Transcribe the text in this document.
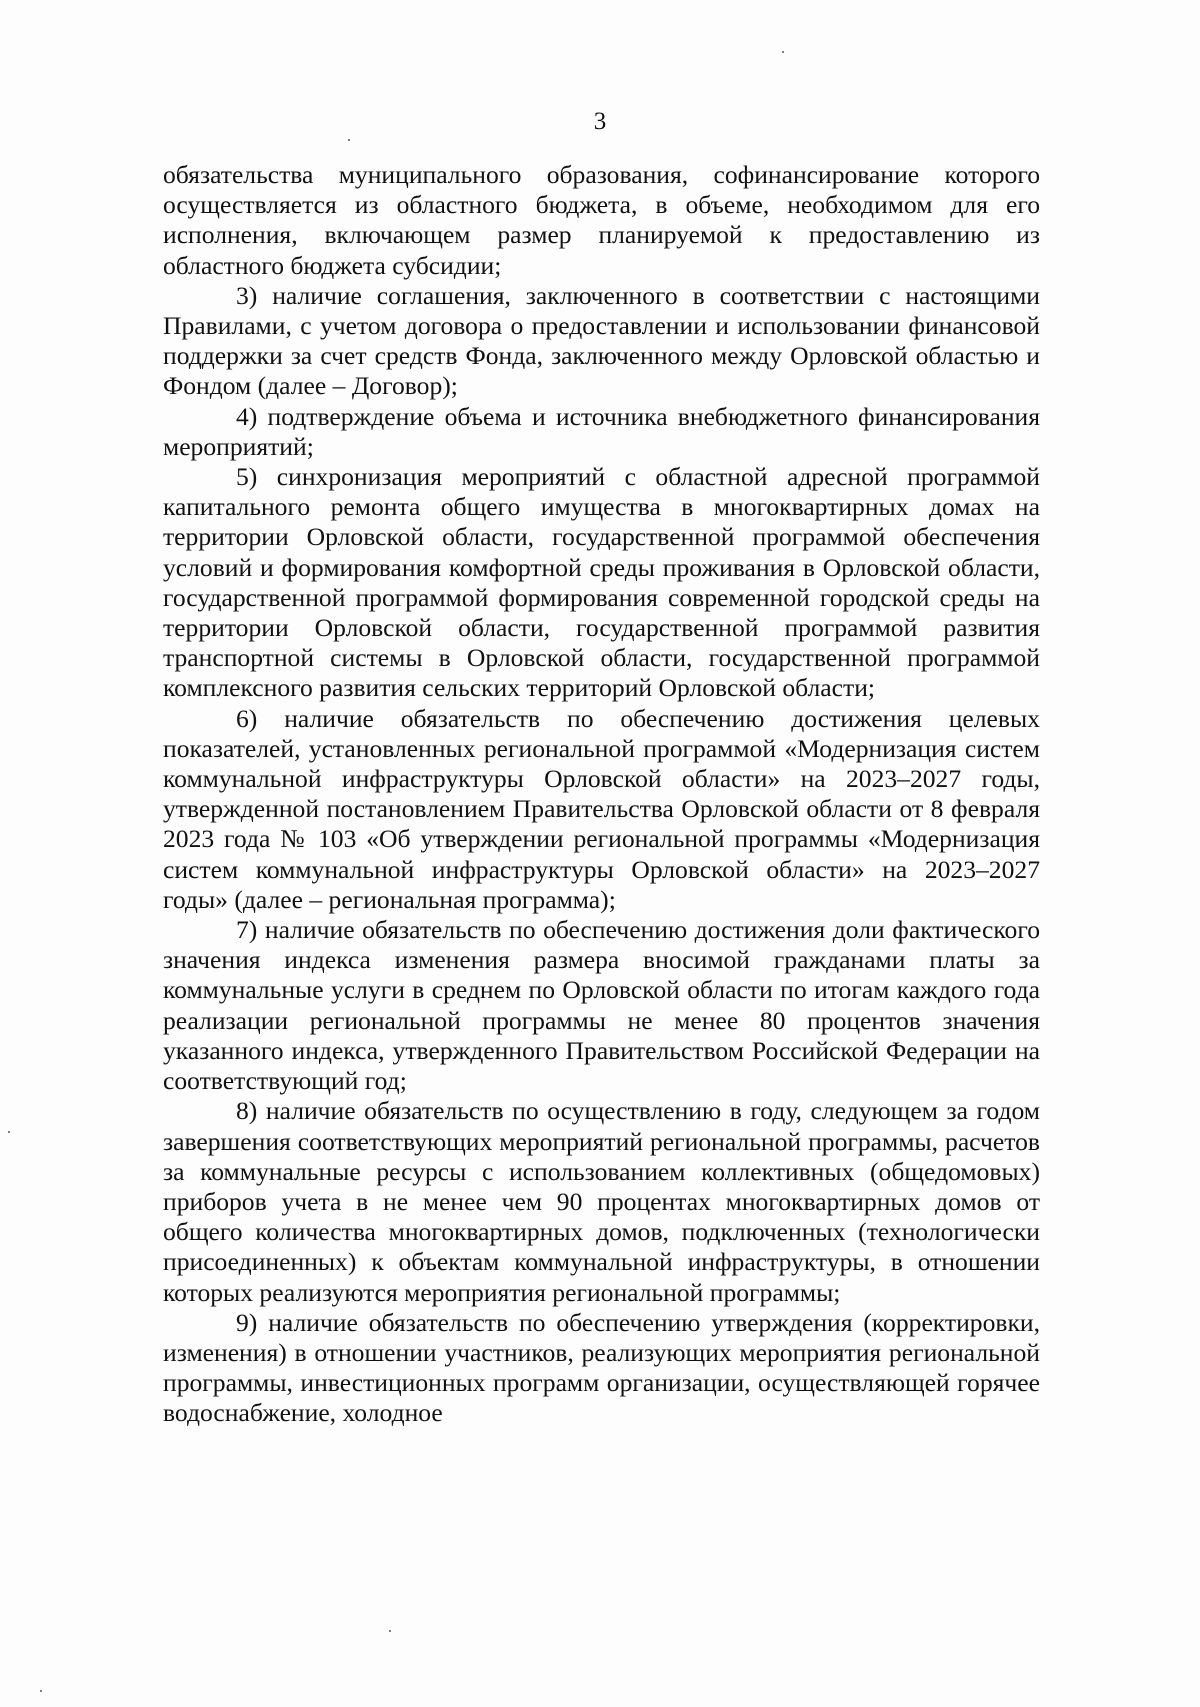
3

обязательства муниципального образования, софинансирование которого осуществляется из областного бюджета, в объеме, необходимом для его исполнения, включающем размер планируемой к предоставлению из областного бюджета субсидии;

3) наличие соглашения, заключенного в соответствии с настоящими Правилами, с учетом договора о предоставлении и использовании финансовой поддержки за счет средств Фонда, заключенного между Орловской областью и Фондом (далее – Договор);

4) подтверждение объема и источника внебюджетного финансирования мероприятий;

5) синхронизация мероприятий с областной адресной программой капитального ремонта общего имущества в многоквартирных домах на территории Орловской области, государственной программой обеспечения условий и формирования комфортной среды проживания в Орловской области, государственной программой формирования современной городской среды на территории Орловской области, государственной программой развития транспортной системы в Орловской области, государственной программой комплексного развития сельских территорий Орловской области;

6) наличие обязательств по обеспечению достижения целевых показателей, установленных региональной программой «Модернизация систем коммунальной инфраструктуры Орловской области» на 2023–2027 годы, утвержденной постановлением Правительства Орловской области от 8 февраля 2023 года № 103 «Об утверждении региональной программы «Модернизация систем коммунальной инфраструктуры Орловской области» на 2023–2027 годы» (далее – региональная программа);

7) наличие обязательств по обеспечению достижения доли фактического значения индекса изменения размера вносимой гражданами платы за коммунальные услуги в среднем по Орловской области по итогам каждого года реализации региональной программы не менее 80 процентов значения указанного индекса, утвержденного Правительством Российской Федерации на соответствующий год;

8) наличие обязательств по осуществлению в году, следующем за годом завершения соответствующих мероприятий региональной программы, расчетов за коммунальные ресурсы с использованием коллективных (общедомовых) приборов учета в не менее чем 90 процентах многоквартирных домов от общего количества многоквартирных домов, подключенных (технологически присоединенных) к объектам коммунальной инфраструктуры, в отношении которых реализуются мероприятия региональной программы;

9) наличие обязательств по обеспечению утверждения (корректировки, изменения) в отношении участников, реализующих мероприятия региональной программы, инвестиционных программ организации, осуществляющей горячее водоснабжение, холодное
